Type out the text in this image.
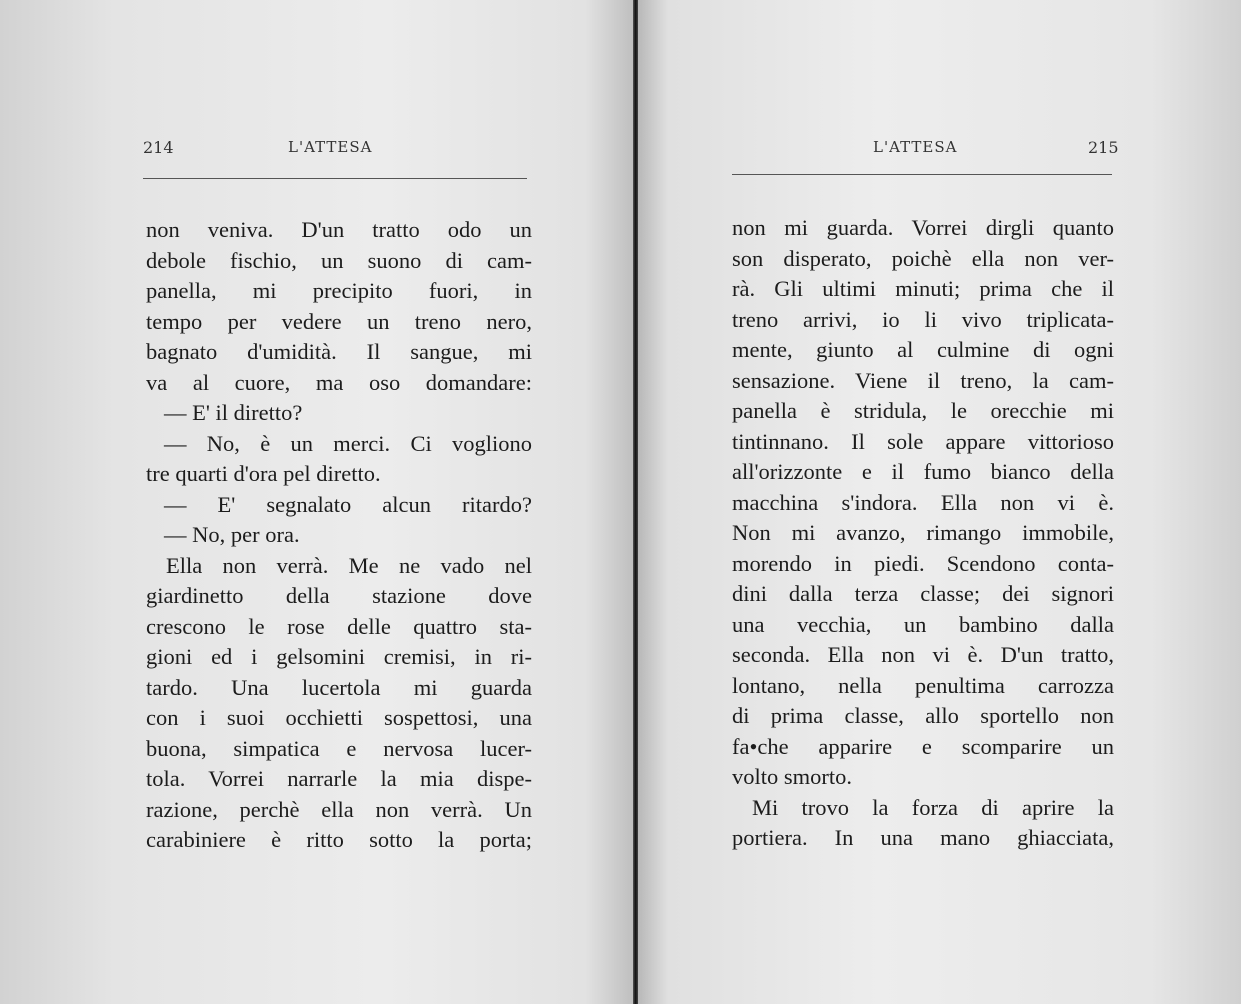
214	L'ATTESA
non veniva. D'un tratto odo un
debole fischio, un suono di cam-
panella, mi precipito fuori, in
tempo per vedere un treno nero,
bagnato d'umidità. Il sangue, mi
va al cuore, ma oso domandare:
— E' il diretto?
— No, è un merci. Ci vogliono
tre quarti d'ora pel diretto.
— E' segnalato alcun ritardo?
— No, per ora.
Ella non verrà. Me ne vado nel
giardinetto della stazione dove
crescono le rose delle quattro sta-
gioni ed i gelsomini cremisi, in ri-
tardo. Una lucertola mi guarda
con i suoi occhietti sospettosi, una
buona, simpatica e nervosa lucer-
tola. Vorrei narrarle la mia dispe-
razione, perchè ella non verrà. Un
carabiniere è ritto sotto la porta;
L'ATTESA	215
non mi guarda. Vorrei dirgli quanto
son disperato, poichè ella non ver-
rà. Gli ultimi minuti; prima che il
treno arrivi, io li vivo triplicata-
mente, giunto al culmine di ogni
sensazione. Viene il treno, la cam-
panella è stridula, le orecchie mi
tintinnano. Il sole appare vittorioso
all'orizzonte e il fumo bianco della
macchina s'indora. Ella non vi è.
Non mi avanzo, rimango immobile,
morendo in piedi. Scendono conta-
dini dalla terza classe; dei signori
una vecchia, un bambino dalla
seconda. Ella non vi è. D'un tratto,
lontano, nella penultima carrozza
di prima classe, allo sportello non
fa•che apparire e scomparire un
volto smorto.
Mi trovo la forza di aprire la
portiera. In una mano ghiacciata,
